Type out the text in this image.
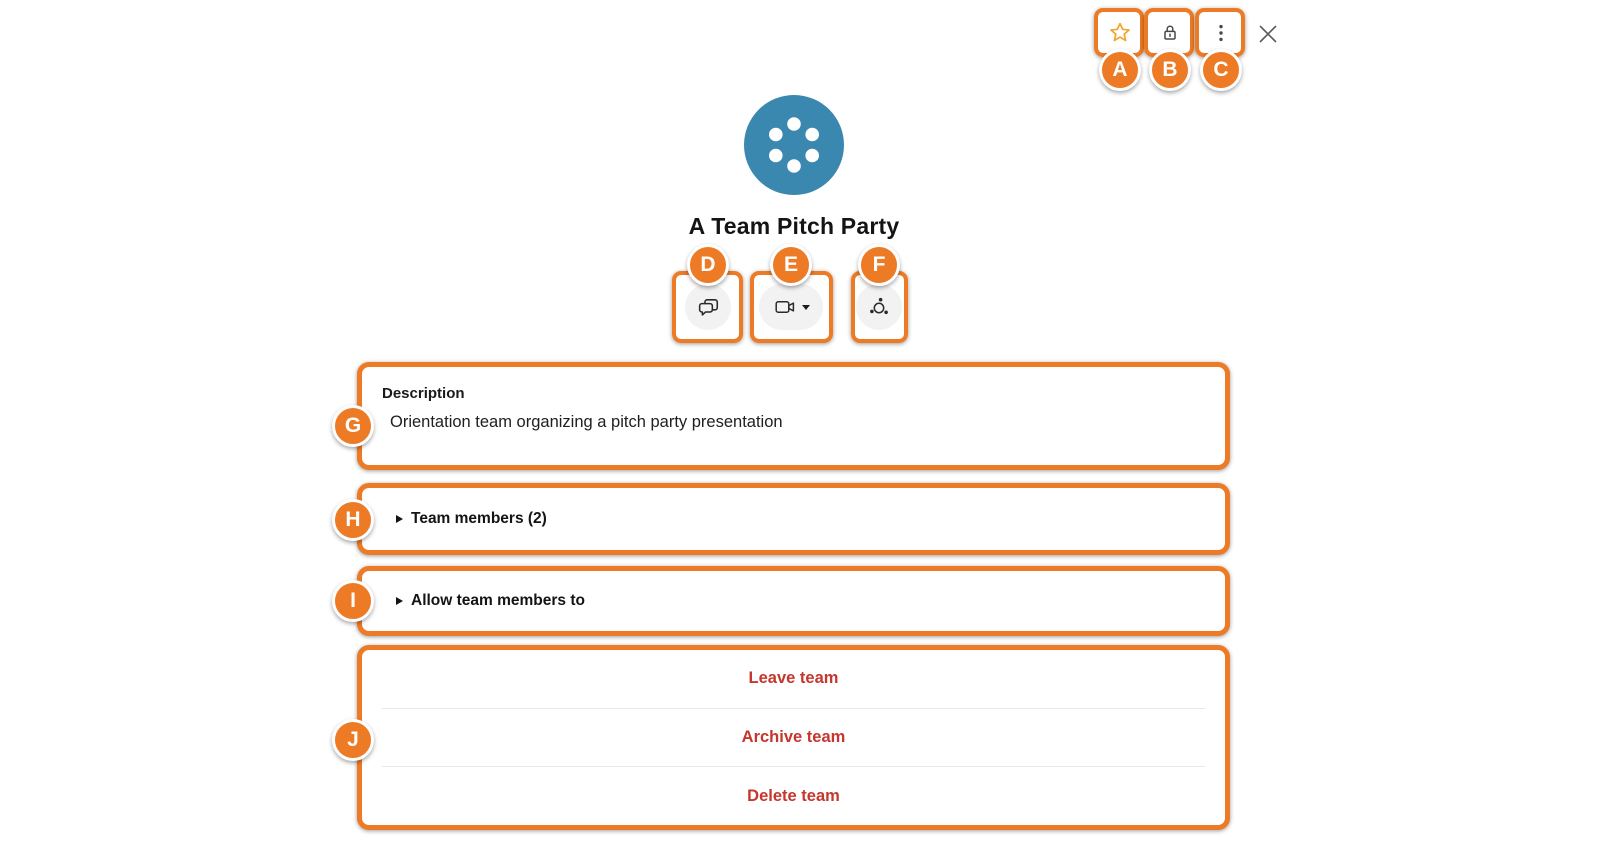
A	B	C
A Team Pitch Party
D	E	F
Description
Orientation team organizing a pitch party presentation
G
Team members (2)
H
Allow team members to
I
Leave team
Archive team
Delete team
J
